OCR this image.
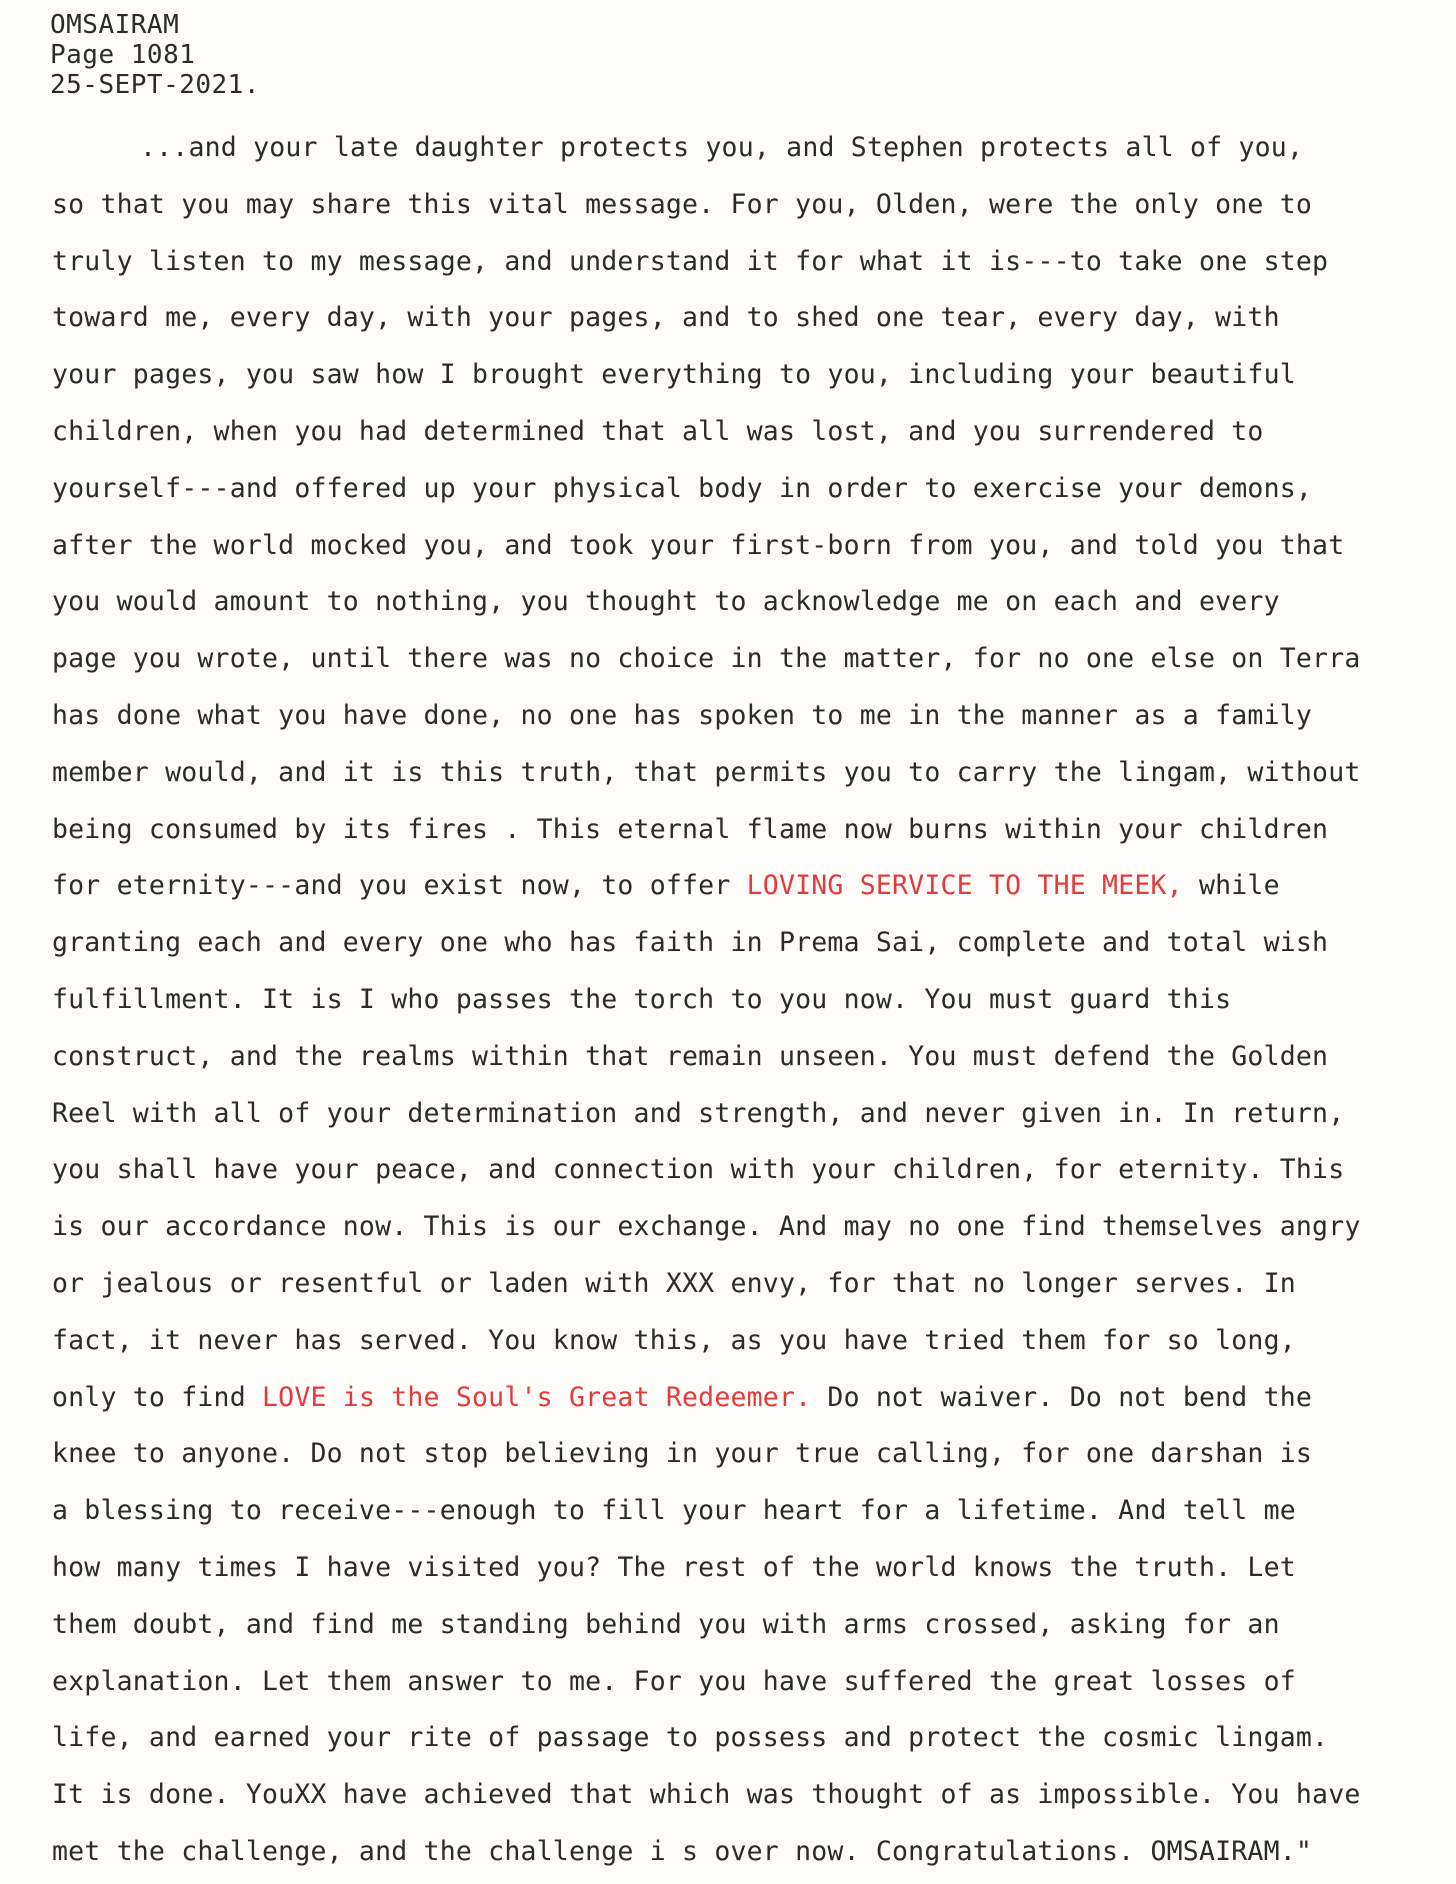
OMSAIRAM
Page 1081
25-SEPT-2021.
...and your late daughter protects you, and Stephen protects all of you,
so that you may share this vital message. For you, Olden, were the only one to
truly listen to my message, and understand it for what it is---to take one step
toward me, every day, with your pages, and to shed one tear, every day, with
your pages, you saw how I brought everything to you, including your beautiful
children, when you had determined that all was lost, and you surrendered to
yourself---and offered up your physical body in order to exercise your demons,
after the world mocked you, and took your first-born from you, and told you that
you would amount to nothing, you thought to acknowledge me on each and every
page you wrote, until there was no choice in the matter, for no one else on Terra
has done what you have done, no one has spoken to me in the manner as a family
member would, and it is this truth, that permits you to carry the lingam, without
being consumed by its fires . This eternal flame now burns within your children
for eternity---and you exist now, to offer LOVING SERVICE TO THE MEEK, while
granting each and every one who has faith in Prema Sai, complete and total wish
fulfillment. It is I who passes the torch to you now. You must guard this
construct, and the realms within that remain unseen. You must defend the Golden
Reel with all of your determination and strength, and never given in. In return,
you shall have your peace, and connection with your children, for eternity. This
is our accordance now. This is our exchange. And may no one find themselves angry
or jealous or resentful or laden with XXX envy, for that no longer serves. In
fact, it never has served. You know this, as you have tried them for so long,
only to find LOVE is the Soul's Great Redeemer. Do not waiver. Do not bend the
knee to anyone. Do not stop believing in your true calling, for one darshan is
a blessing to receive---enough to fill your heart for a lifetime. And tell me
how many times I have visited you? The rest of the world knows the truth. Let
them doubt, and find me standing behind you with arms crossed, asking for an
explanation. Let them answer to me. For you have suffered the great losses of
life, and earned your rite of passage to possess and protect the cosmic lingam.
It is done. YouXX have achieved that which was thought of as impossible. You have
met the challenge, and the challenge i s over now. Congratulations. OMSAIRAM."
